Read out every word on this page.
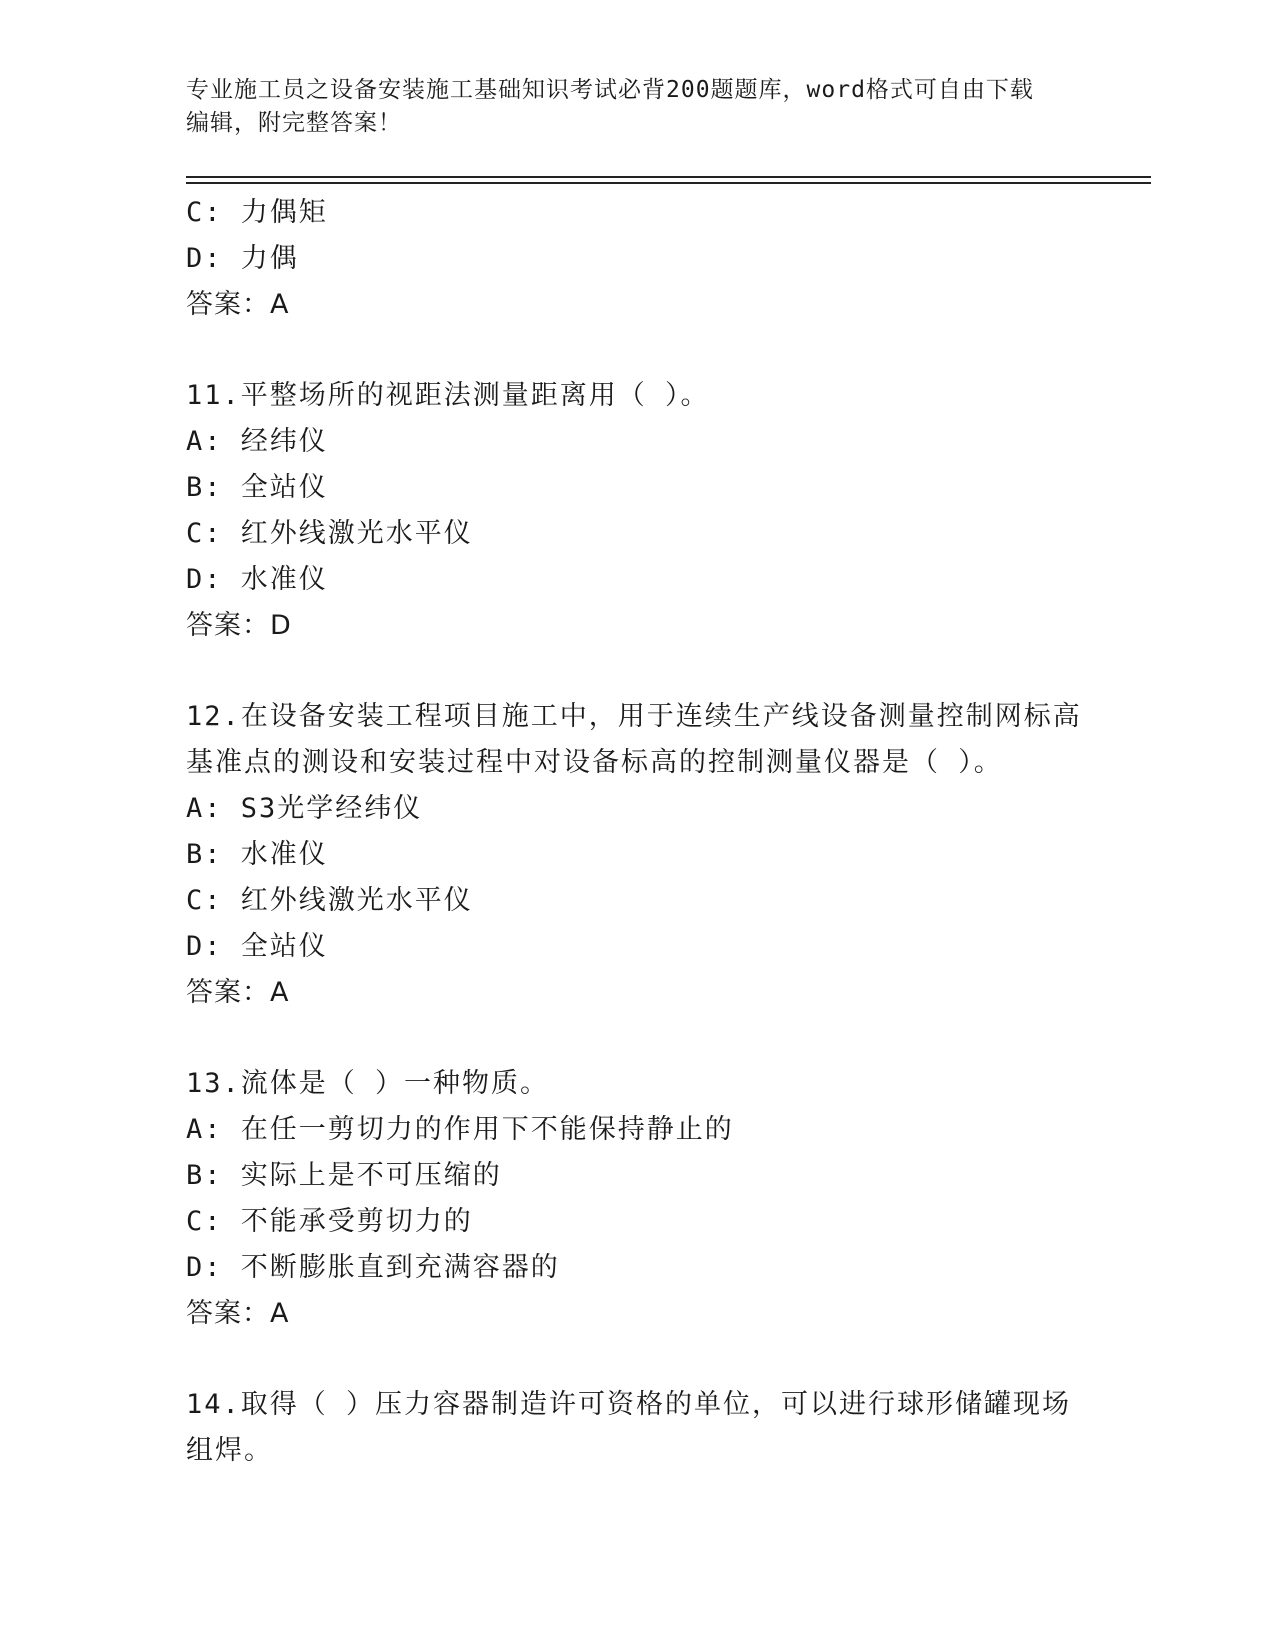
专业施工员之设备安装施工基础知识考试必背200题题库，word格式可自由下载
编辑，附完整答案！
C: 力偶矩
D: 力偶
答案：A
11.平整场所的视距法测量距离用（ ）。
A: 经纬仪
B: 全站仪
C: 红外线激光水平仪
D: 水准仪
答案：D
12.在设备安装工程项目施工中，用于连续生产线设备测量控制网标高
基准点的测设和安装过程中对设备标高的控制测量仪器是（ ）。
A: S3光学经纬仪
B: 水准仪
C: 红外线激光水平仪
D: 全站仪
答案：A
13.流体是（ ）一种物质。
A: 在任一剪切力的作用下不能保持静止的
B: 实际上是不可压缩的
C: 不能承受剪切力的
D: 不断膨胀直到充满容器的
答案：A
14.取得（ ）压力容器制造许可资格的单位，可以进行球形储罐现场
组焊。
